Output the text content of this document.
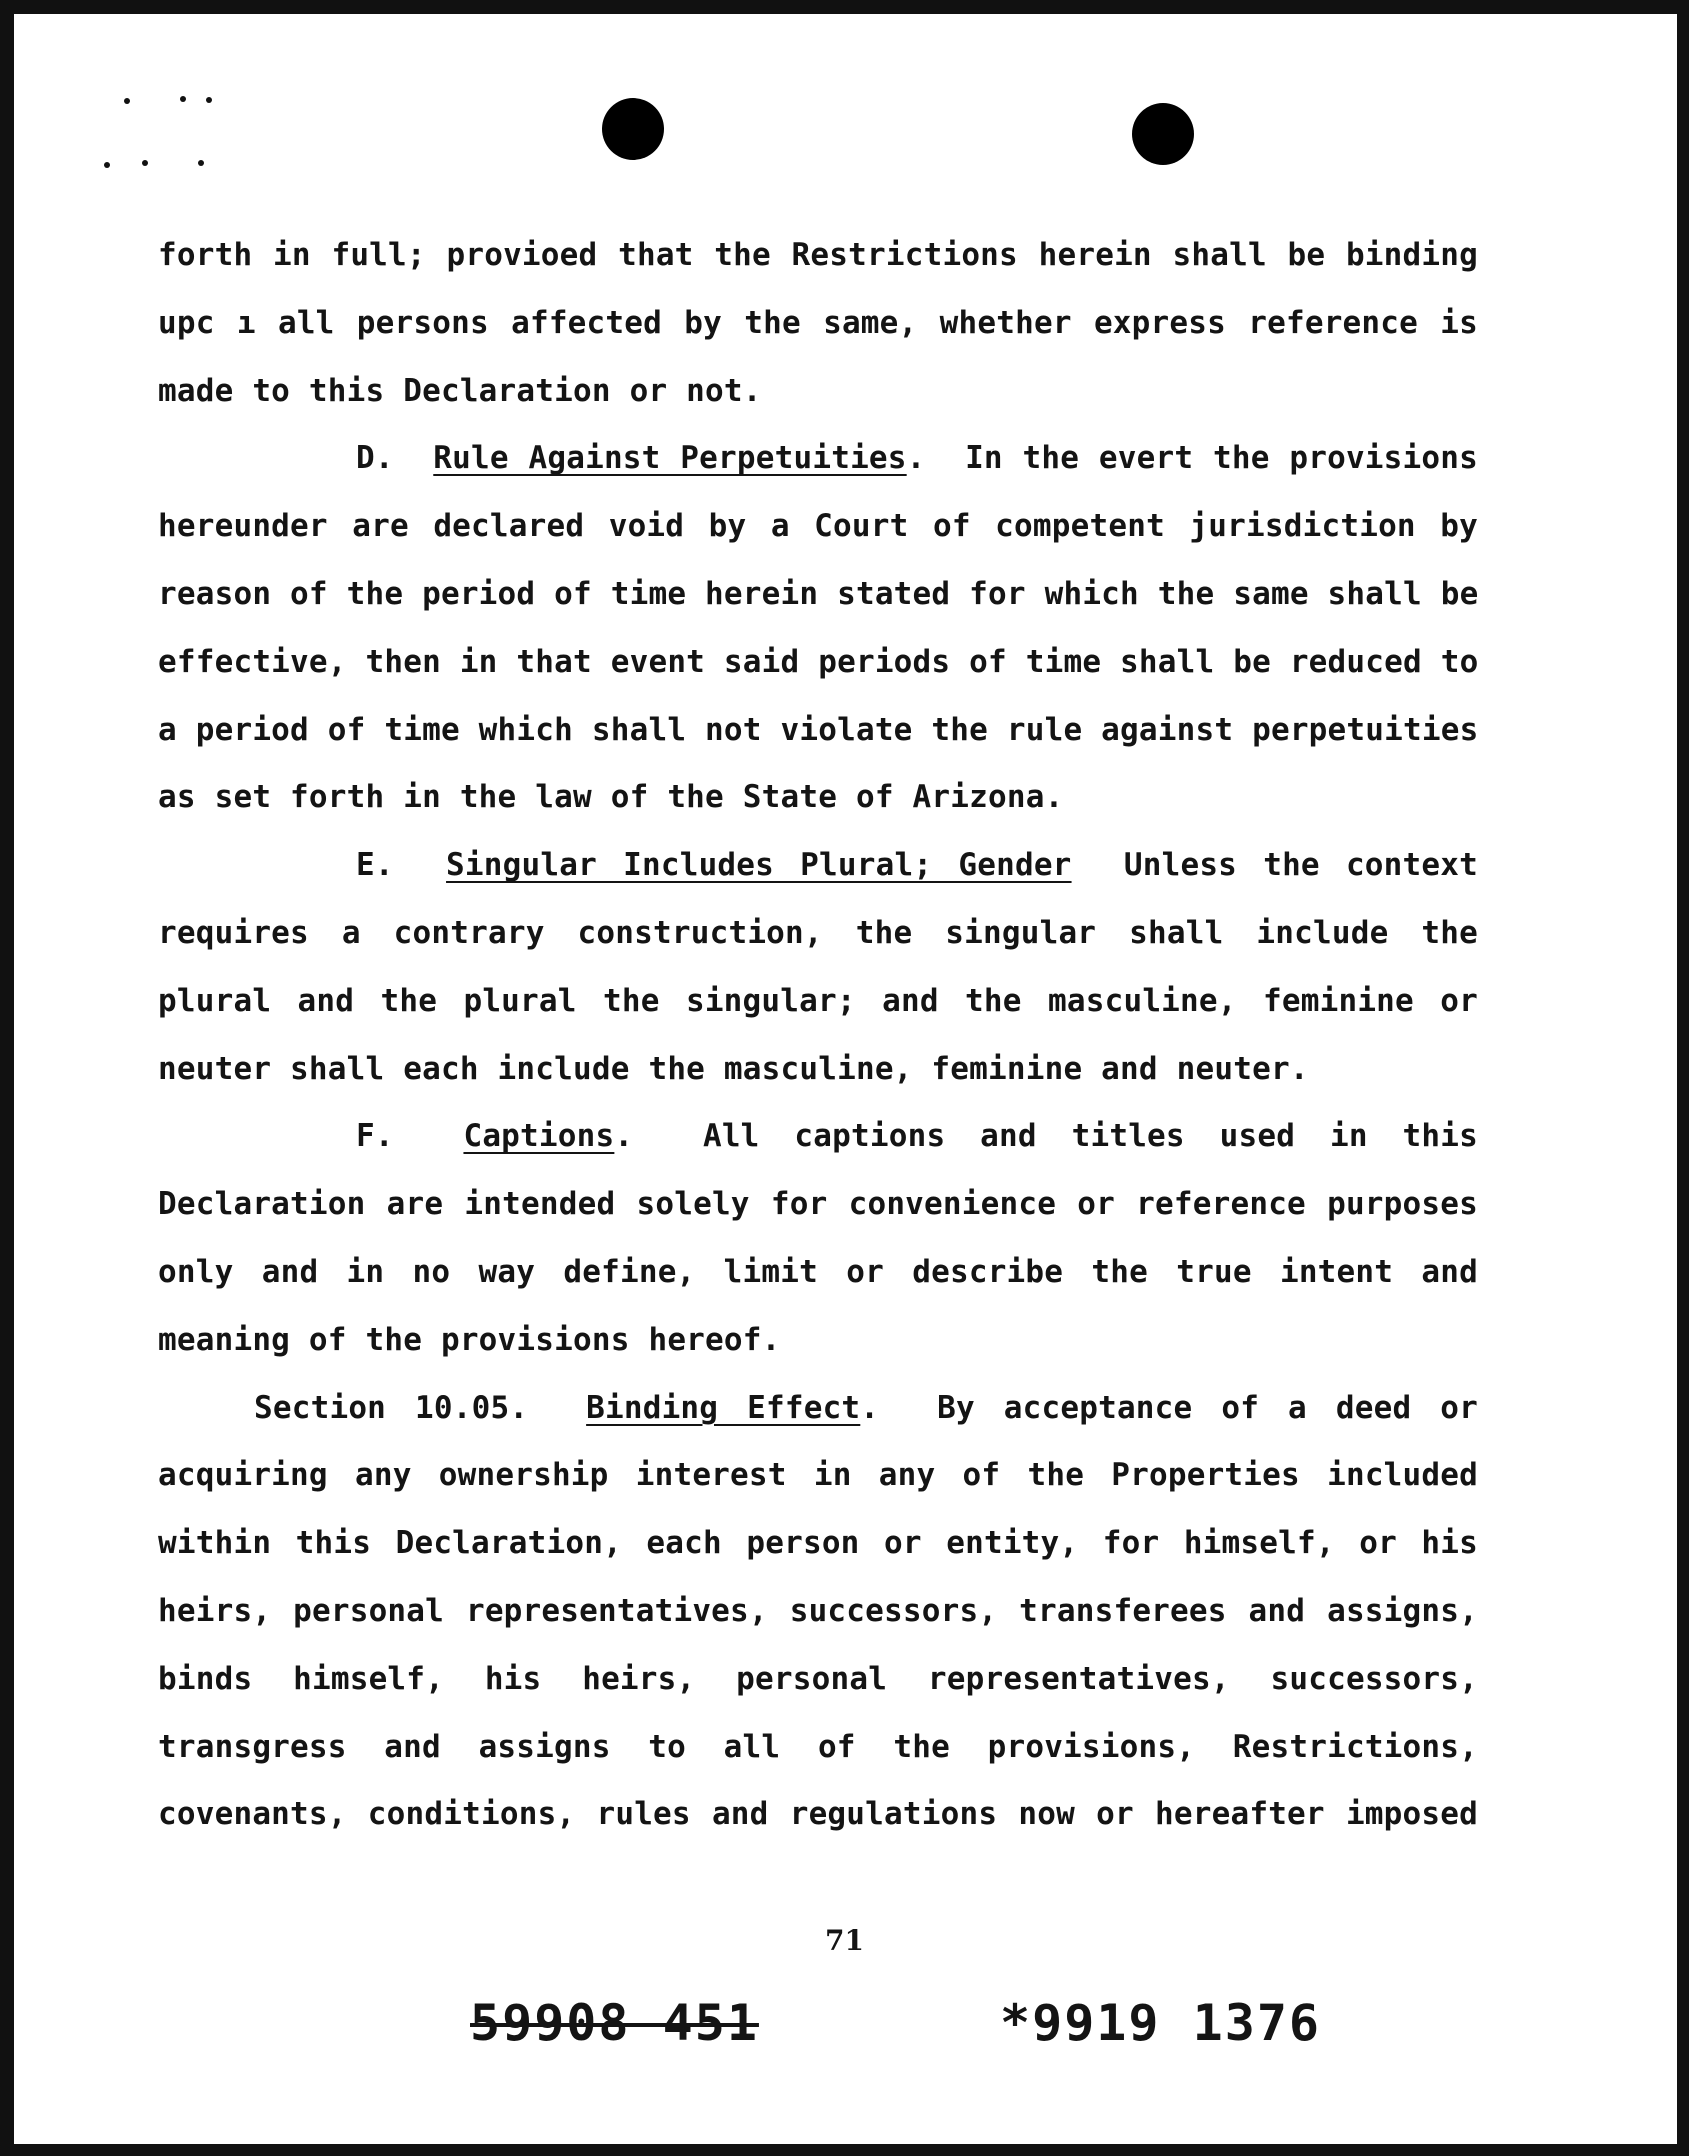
forth in full; provioed that the Restrictions herein shall be binding
upc ı all persons affected by the same, whether express reference is
made to this Declaration or not.
D.  Rule Against Perpetuities.  In the evert the provisions
hereunder are declared void by a Court of competent jurisdiction by
reason of the period of time herein stated for which the same shall be
effective, then in that event said periods of time shall be reduced to
a period of time which shall not violate the rule against perpetuities
as set forth in the law of the State of Arizona.
E.  Singular Includes Plural; Gender  Unless the context
requires a contrary construction, the singular shall include the
plural and the plural the singular; and the masculine, feminine or
neuter shall each include the masculine, feminine and neuter.
F.  Captions.  All captions and titles used in this
Declaration are intended solely for convenience or reference purposes
only and in no way define, limit or describe the true intent and
meaning of the provisions hereof.
Section 10.05.  Binding Effect.  By acceptance of a deed or
acquiring any ownership interest in any of the Properties included
within this Declaration, each person or entity, for himself, or his
heirs, personal representatives, successors, transferees and assigns,
binds himself, his heirs, personal representatives, successors,
transgress and assigns to all of the provisions, Restrictions,
covenants, conditions, rules and regulations now or hereafter imposed
71
59908 451	*9919 1376
